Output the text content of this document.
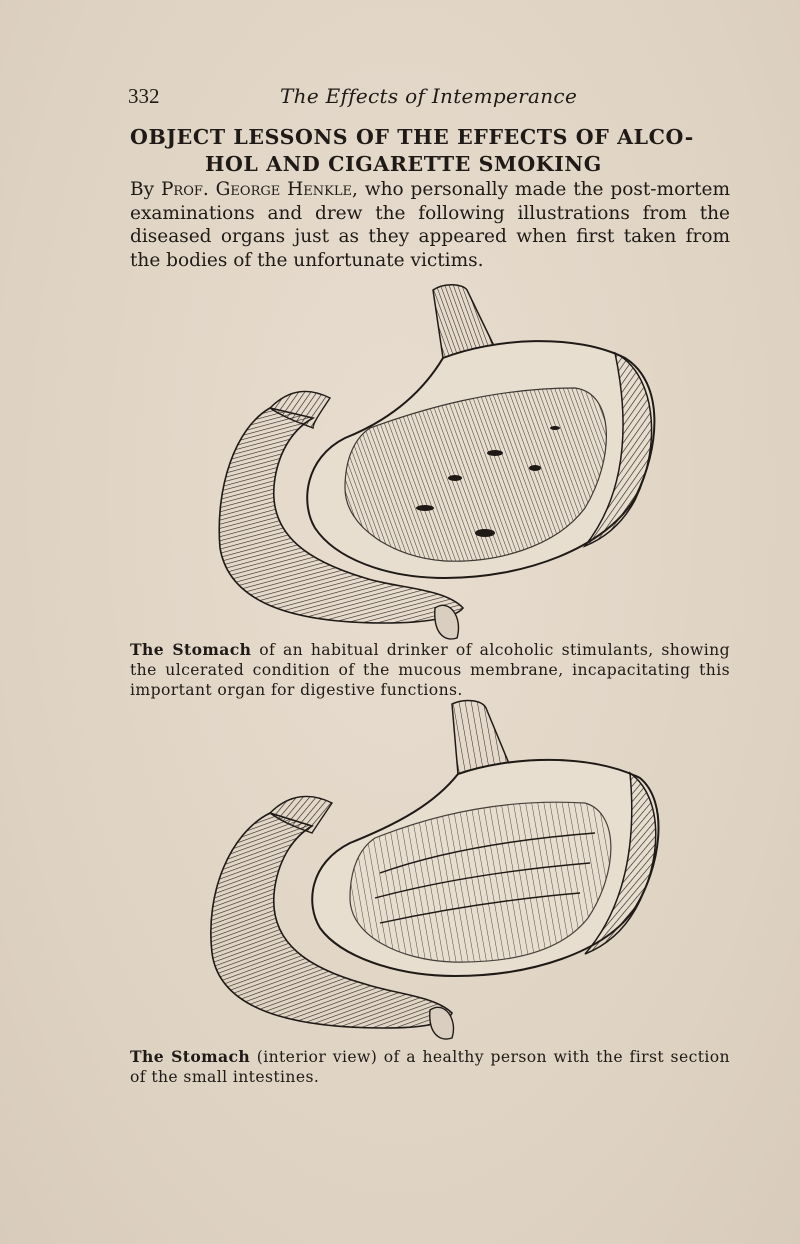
332	The Effects of Intemperance
OBJECT LESSONS OF THE EFFECTS OF ALCO-
HOL AND CIGARETTE SMOKING
By Prof. George Henkle, who personally made the post-mortem examinations and drew the following illustrations from the diseased organs just as they appeared when first taken from the bodies of the unfortunate victims.
The Stomach of an habitual drinker of alcoholic stimulants, showing the ulcerated condition of the mucous membrane, incapacitating this important organ for digestive functions.
The Stomach (interior view) of a healthy person with the first section of the small intestines.
